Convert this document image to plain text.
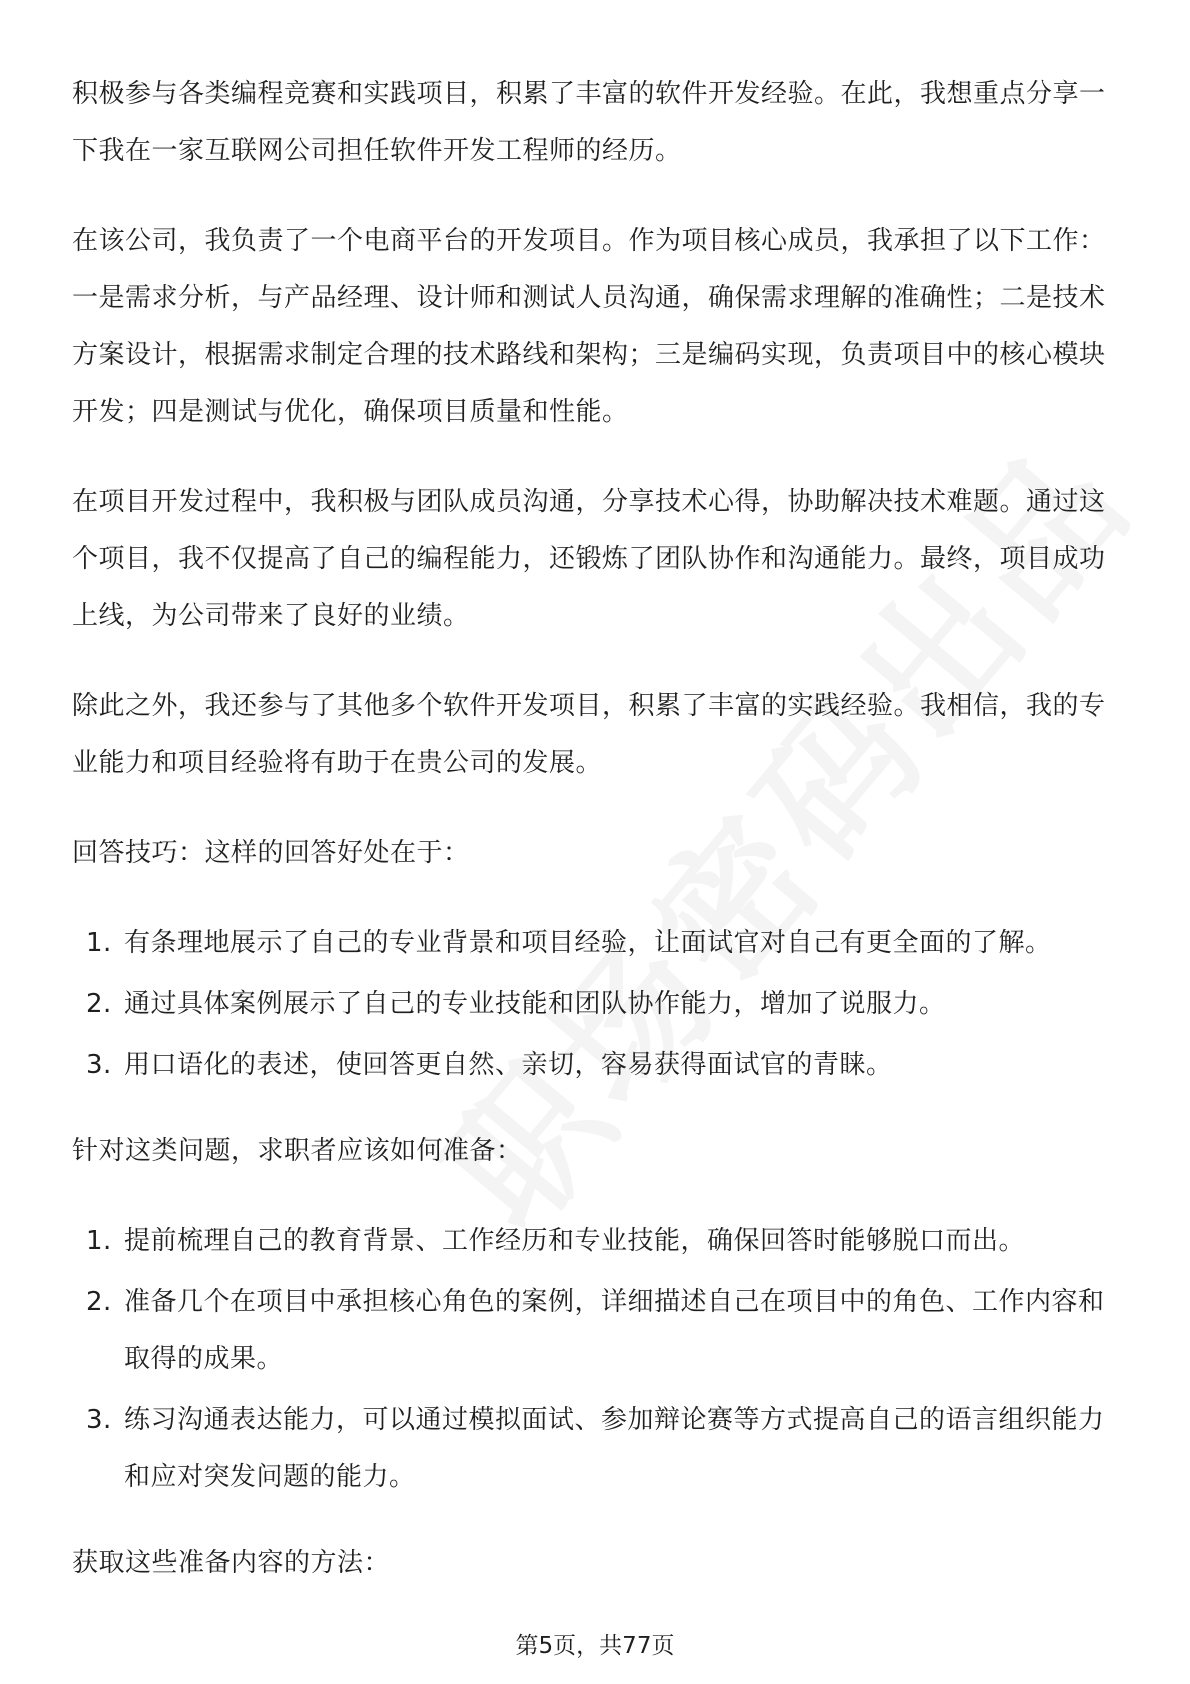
积极参与各类编程竞赛和实践项目，积累了丰富的软件开发经验。在此，我想重点分享一下我在一家互联网公司担任软件开发工程师的经历。

在该公司，我负责了一个电商平台的开发项目。作为项目核心成员，我承担了以下工作：一是需求分析，与产品经理、设计师和测试人员沟通，确保需求理解的准确性；二是技术方案设计，根据需求制定合理的技术路线和架构；三是编码实现，负责项目中的核心模块开发；四是测试与优化，确保项目质量和性能。

在项目开发过程中，我积极与团队成员沟通，分享技术心得，协助解决技术难题。通过这个项目，我不仅提高了自己的编程能力，还锻炼了团队协作和沟通能力。最终，项目成功上线，为公司带来了良好的业绩。

除此之外，我还参与了其他多个软件开发项目，积累了丰富的实践经验。我相信，我的专业能力和项目经验将有助于在贵公司的发展。

回答技巧：这样的回答好处在于：

1. 有条理地展示了自己的专业背景和项目经验，让面试官对自己有更全面的了解。
2. 通过具体案例展示了自己的专业技能和团队协作能力，增加了说服力。
3. 用口语化的表述，使回答更自然、亲切，容易获得面试官的青睐。

针对这类问题，求职者应该如何准备：

1. 提前梳理自己的教育背景、工作经历和专业技能，确保回答时能够脱口而出。
2. 准备几个在项目中承担核心角色的案例，详细描述自己在项目中的角色、工作内容和取得的成果。
3. 练习沟通表达能力，可以通过模拟面试、参加辩论赛等方式提高自己的语言组织能力和应对突发问题的能力。

获取这些准备内容的方法：

第5页，共77页
